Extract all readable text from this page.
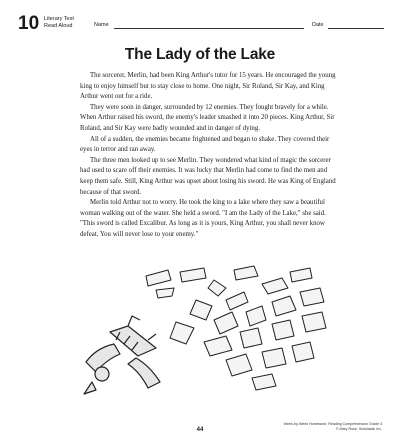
10 Literary Text
Read Aloud	Name	Date
The Lady of the Lake

The sorcerer, Merlin, had been King Arthur's tutor for 15 years. He encouraged the young king to enjoy himself but to stay close to home. One night, Sir Roland, Sir Kay, and King Arthur went out for a ride.

They were soon in danger, surrounded by 12 enemies. They fought bravely for a while. When Arthur raised his sword, the enemy's leader smashed it into 20 pieces. King Arthur, Sir Roland, and Sir Kay were badly wounded and in danger of dying.

All of a sudden, the enemies became frightened and began to shake. They covered their eyes in terror and ran away.

The three men looked up to see Merlin. They wondered what kind of magic the sorcerer had used to scare off their enemies. It was lucky that Merlin had come to find the men and keep them safe. Still, King Arthur was upset about losing his sword. He was King of England because of that sword.

Merlin told Arthur not to worry. He took the king to a lake where they saw a beautiful woman walking out of the water. She held a sword. "I am the Lady of the Lake," she said. "This sword is called Excalibur. As long as it is yours, King Arthur, you shall never know defeat. You will never lose to your enemy."

44
Week-by-Week Homework: Reading Comprehension Grade 3
© Mary Rose, Scholastic Inc.
